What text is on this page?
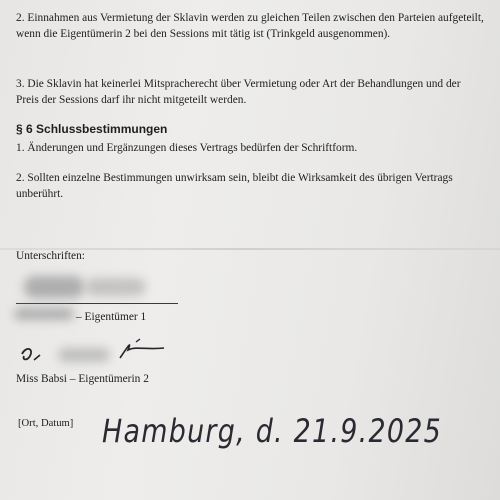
2. Einnahmen aus Vermietung der Sklavin werden zu gleichen Teilen zwischen den Parteien aufgeteilt, wenn die Eigentümerin 2 bei den Sessions mit tätig ist (Trinkgeld ausgenommen).

3. Die Sklavin hat keinerlei Mitspracherecht über Vermietung oder Art der Behandlungen und der Preis der Sessions darf ihr nicht mitgeteilt werden.

§ 6 Schlussbestimmungen

1. Änderungen und Ergänzungen dieses Vertrags bedürfen der Schriftform.

2. Sollten einzelne Bestimmungen unwirksam sein, bleibt die Wirksamkeit des übrigen Vertrags unberührt.

Unterschriften:
– Eigentümer 1
Miss Babsi – Eigentümerin 2
[Ort, Datum] Hamburg, d. 21.9.2025
